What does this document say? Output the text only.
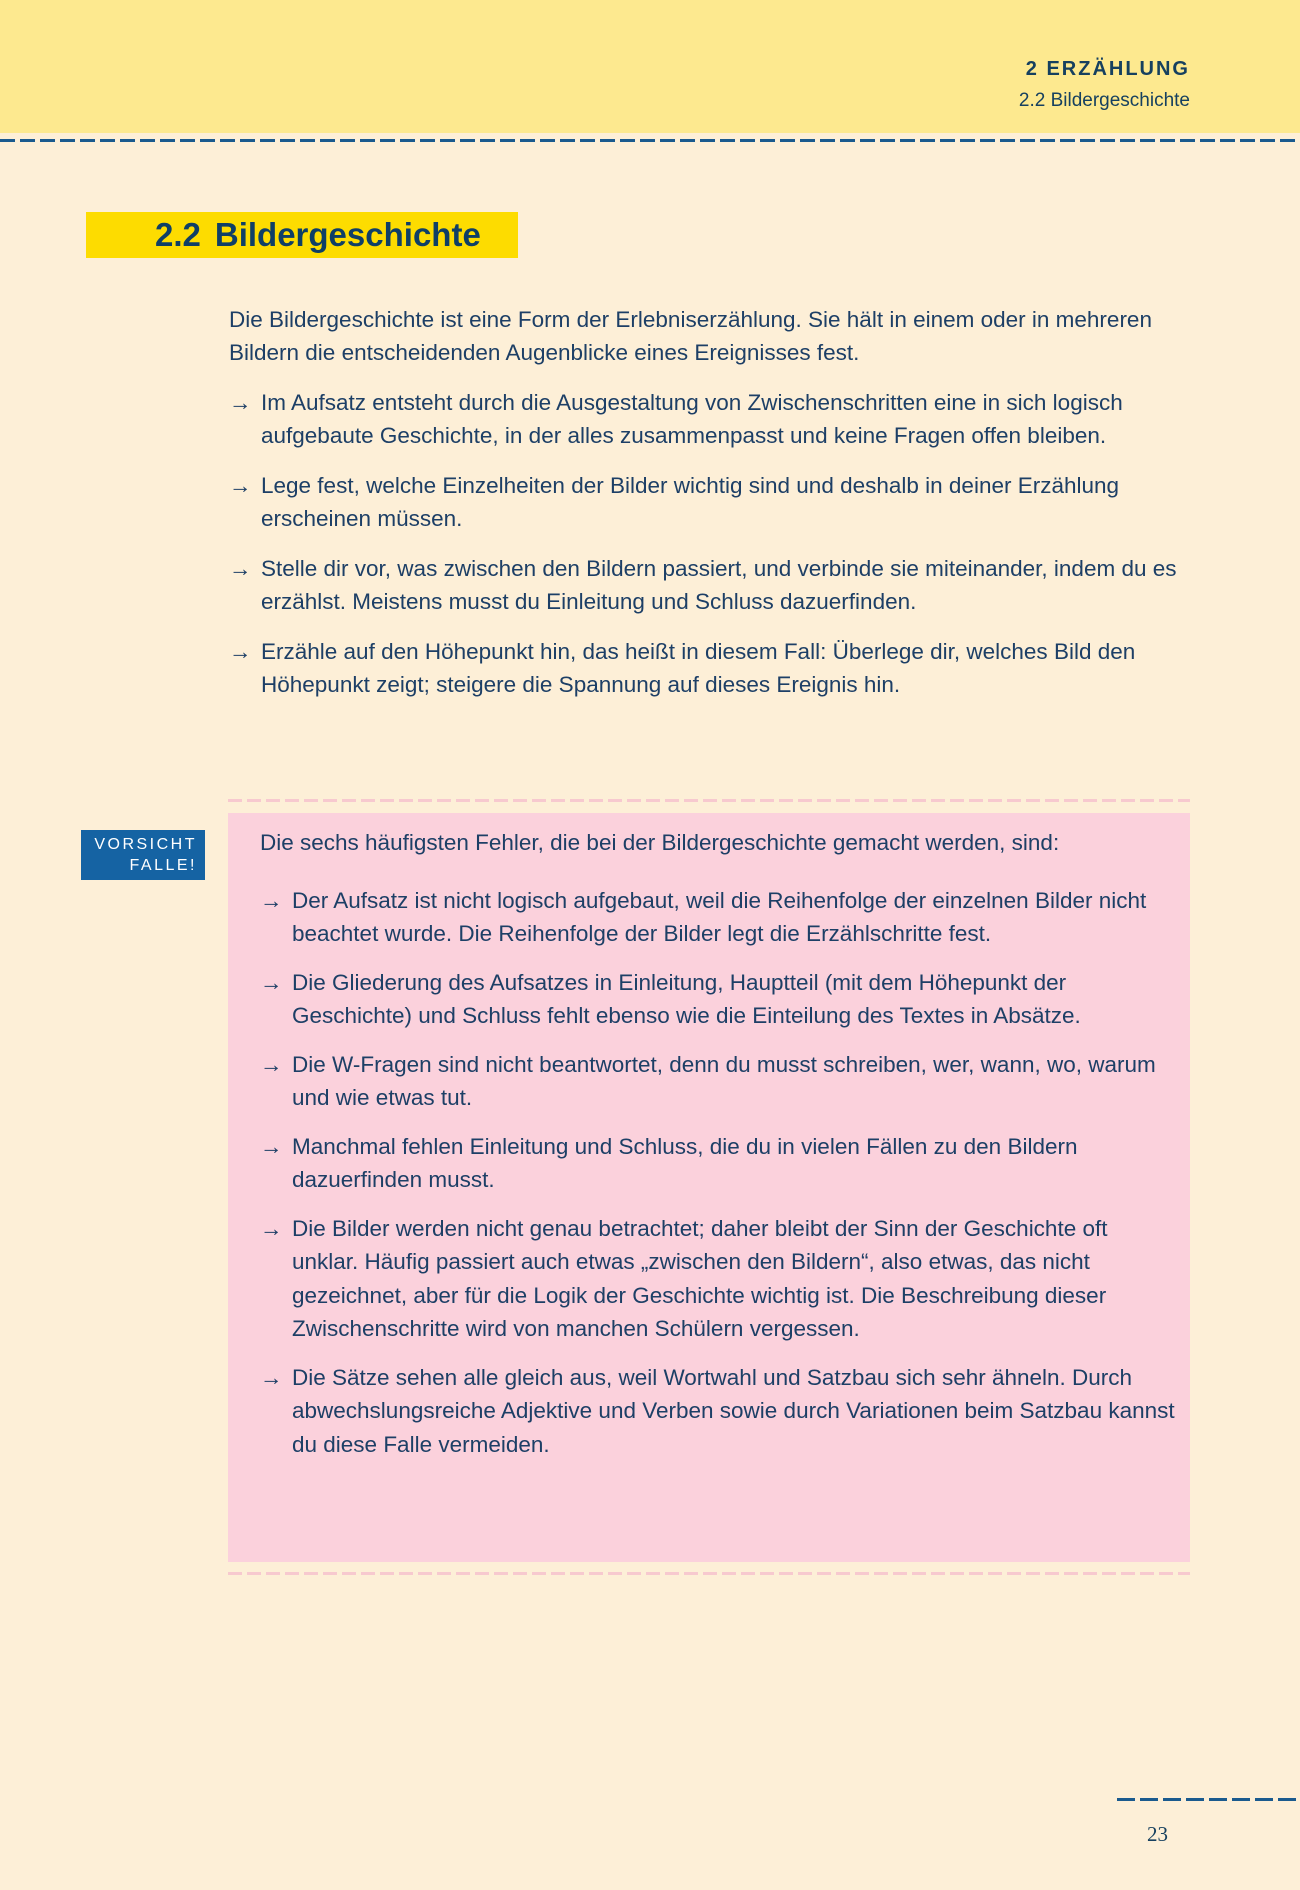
2 ERZÄHLUNG
2.2 Bildergeschichte
2.2 Bildergeschichte

Die Bildergeschichte ist eine Form der Erlebniserzählung. Sie hält in einem oder in mehreren Bildern die entscheidenden Augenblicke eines Ereignisses fest.

→ Im Aufsatz entsteht durch die Ausgestaltung von Zwischenschritten eine in sich logisch aufgebaute Geschichte, in der alles zusammenpasst und keine Fragen offen bleiben.
→ Lege fest, welche Einzelheiten der Bilder wichtig sind und deshalb in deiner Erzählung erscheinen müssen.
→ Stelle dir vor, was zwischen den Bildern passiert, und verbinde sie miteinander, indem du es erzählst. Meistens musst du Einleitung und Schluss dazuerfinden.
→ Erzähle auf den Höhepunkt hin, das heißt in diesem Fall: Überlege dir, welches Bild den Höhepunkt zeigt; steigere die Spannung auf dieses Ereignis hin.
VORSICHT
FALLE!

Die sechs häufigsten Fehler, die bei der Bildergeschichte gemacht werden, sind:

→ Der Aufsatz ist nicht logisch aufgebaut, weil die Reihenfolge der einzelnen Bilder nicht beachtet wurde. Die Reihenfolge der Bilder legt die Erzählschritte fest.
→ Die Gliederung des Aufsatzes in Einleitung, Hauptteil (mit dem Höhepunkt der Geschichte) und Schluss fehlt ebenso wie die Einteilung des Textes in Absätze.
→ Die W-Fragen sind nicht beantwortet, denn du musst schreiben, wer, wann, wo, warum und wie etwas tut.
→ Manchmal fehlen Einleitung und Schluss, die du in vielen Fällen zu den Bildern dazuerfinden musst.
→ Die Bilder werden nicht genau betrachtet; daher bleibt der Sinn der Geschichte oft unklar. Häufig passiert auch etwas „zwischen den Bildern“, also etwas, das nicht gezeichnet, aber für die Logik der Geschichte wichtig ist. Die Beschreibung dieser Zwischenschritte wird von manchen Schülern vergessen.
→ Die Sätze sehen alle gleich aus, weil Wortwahl und Satzbau sich sehr ähneln. Durch abwechslungsreiche Adjektive und Verben sowie durch Variationen beim Satzbau kannst du diese Falle vermeiden.
23
